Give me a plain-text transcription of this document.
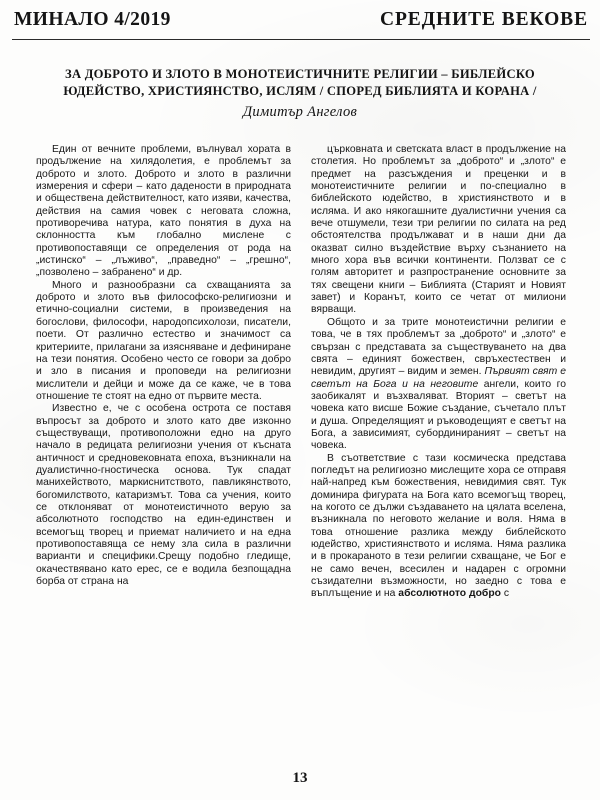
МИНАЛО 4/2019	СРЕДНИТЕ ВЕКОВЕ
ЗА ДОБРОТО И ЗЛОТО В МОНОТЕИСТИЧНИТЕ РЕЛИГИИ – БИБЛЕЙСКО
ЮДЕЙСТВО, ХРИСТИЯНСТВО, ИСЛЯМ / СПОРЕД БИБЛИЯТА И КОРАНА /
Димитър Ангелов

Един от вечните проблеми, вълнувал хората в продължение на хилядолетия, е проблемът за доброто и злото. Доброто и злото в различни измерения и сфери – като дадености в природната и обществена действителност, като изяви, качества, действия на самия човек с неговата сложна, противоречива натура, като понятия в духа на склонността към глобално мислене с противопоставящи се определения от рода на „истинско“ – „лъживо“, „праведно“ – „грешно“, „позволено – забранено“ и др.

Много и разнообразни са схващанията за доброто и злото във философско-религиозни и етично-социални системи, в произведения на богослови, философи, народопсихолози, писатели, поети. От различно естество и значимост са критериите, прилагани за изясняване и дефиниране на тези понятия. Особено често се говори за добро и зло в писания и проповеди на религиозни мислители и дейци и може да се каже, че в това отношение те стоят на едно от първите места.

Известно е, че с особена острота се поставя въпросът за доброто и злото като две изконно съществуващи, противоположни едно на друго начало в редицата религиозни учения от късната античност и средновековната епоха, възникнали на дуалистично-гностическа основа. Тук спадат манихейството, маркиснитството, павликянството, богомилството, катаризмът. Това са учения, които се отклоняват от монотеистичното верую за абсолютното господство на един-единствен и всемогъщ творец и приемат наличието и на една противопоставяща се нему зла сила в различни варианти и специфики.Срещу подобно гледище, окачествявано като ерес, се е водила безпощадна борба от страна на

църковната и светската власт в продължение на столетия. Но проблемът за „доброто“ и „злото“ е предмет на разсъждения и преценки и в монотеистичните религии и по-специално в библейското юдейство, в християнството и в исляма. И ако някогашните дуалистични учения са вече отшумели, тези три религии по силата на ред обстоятелства продължават и в наши дни да оказват силно въздействие върху съзнанието на много хора във всички континенти. Ползват се с голям авторитет и разпространение основните за тях свещени книги – Библията (Старият и Новият завет) и Коранът, които се четат от милиони вярващи.

Общото и за трите монотеистични религии е това, че в тях проблемът за „доброто“ и „злото“ е свързан с представата за съществуването на два свята – единият божествен, свръхестествен и невидим, другият – видим и земен. Първият свят е светът на Бога и на неговите ангели, които го заобикалят и възхваляват. Вторият – светът на човека като висше Божие създание, съчетало плът и душа. Определящият и ръководещият е светът на Бога, а зависимият, субординираният – светът на човека.

В съответствие с тази космическа представа погледът на религиозно мислещите хора се отправя най-напред към божествения, невидимия свят. Тук доминира фигурата на Бога като всемогъщ творец, на когото се дължи създаването на цялата вселена, възникнала по неговото желание и воля. Няма в това отношение разлика между библейското юдейство, християнството и исляма. Няма разлика и в прокараното в тези религии схващане, че Бог е не само вечен, всесилен и надарен с огромни съзидателни възможности, но заедно с това е въплъщение и на абсолютното добро с

13
